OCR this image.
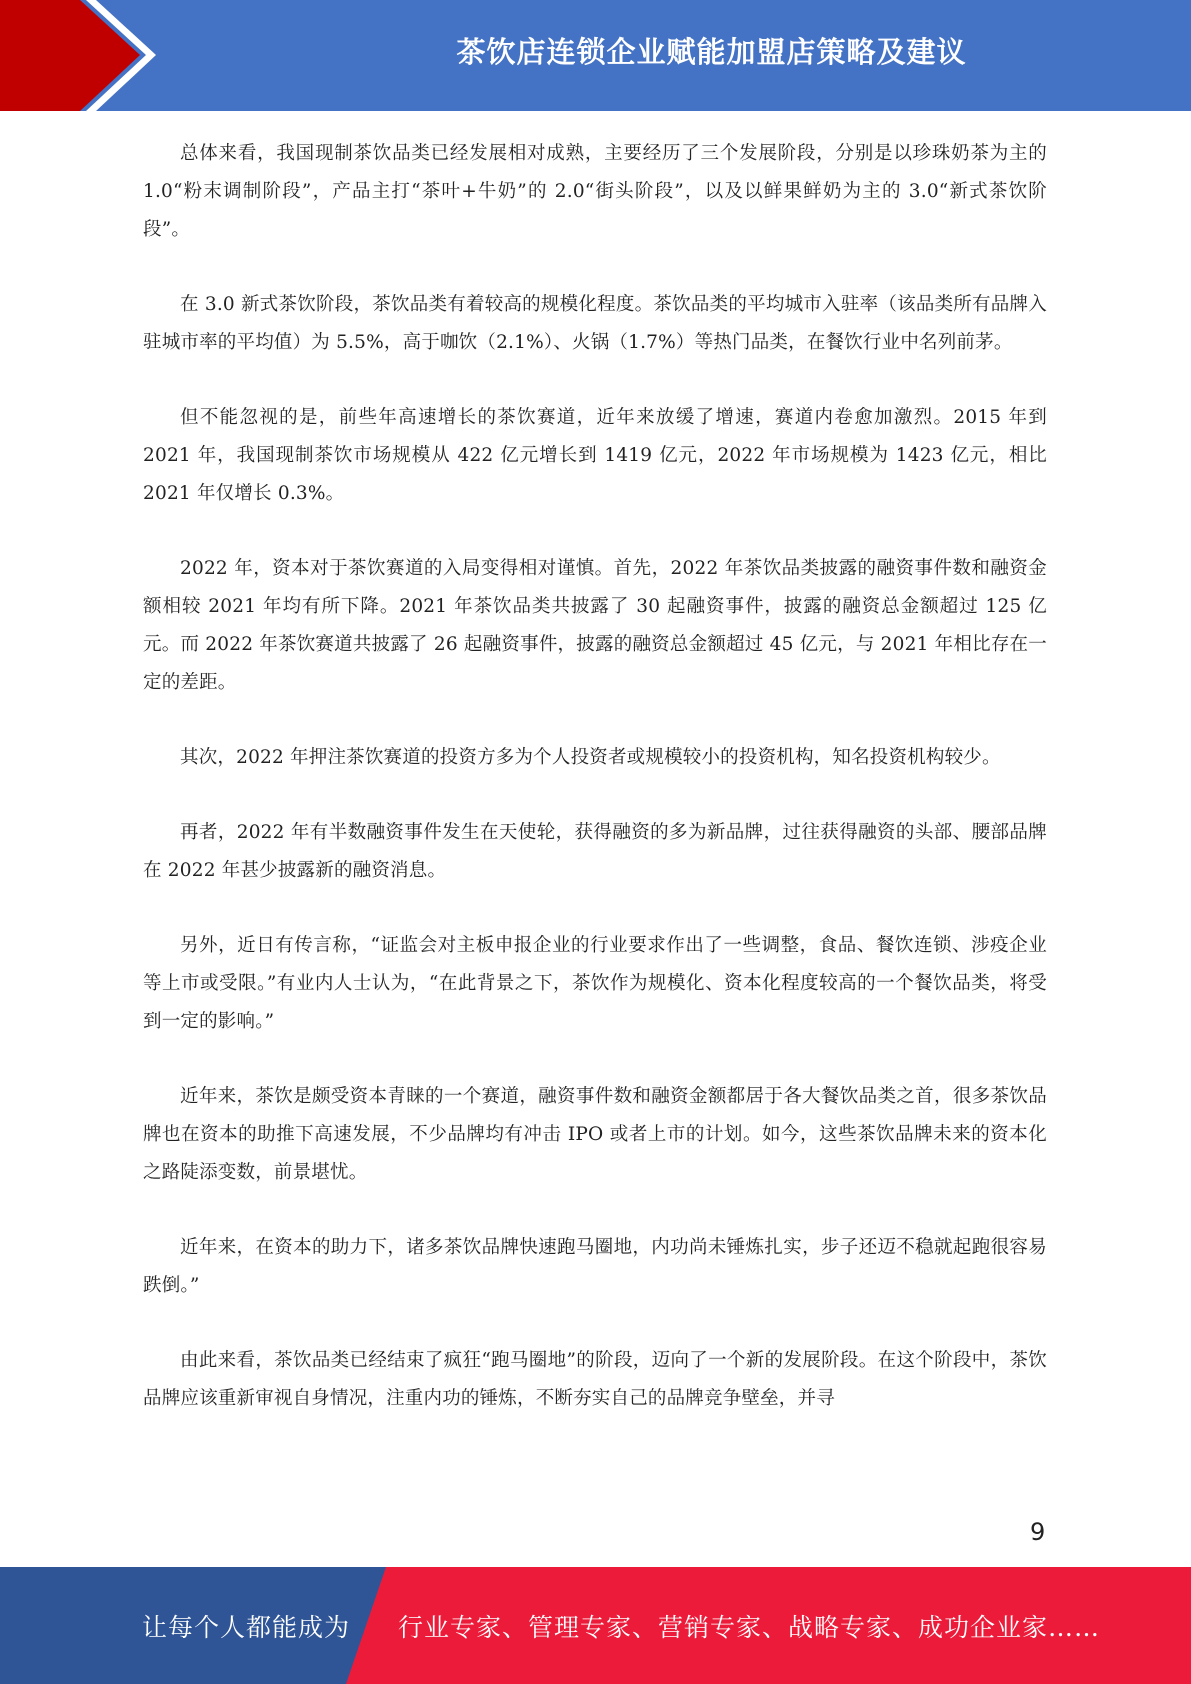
茶饮店连锁企业赋能加盟店策略及建议

总体来看，我国现制茶饮品类已经发展相对成熟，主要经历了三个发展阶段，分别是以珍珠奶茶为主的 1.0“粉末调制阶段”，产品主打“茶叶+牛奶”的 2.0“街头阶段”，以及以鲜果鲜奶为主的 3.0“新式茶饮阶段”。

在 3.0 新式茶饮阶段，茶饮品类有着较高的规模化程度。茶饮品类的平均城市入驻率（该品类所有品牌入驻城市率的平均值）为 5.5%，高于咖饮（2.1%）、火锅（1.7%）等热门品类，在餐饮行业中名列前茅。

但不能忽视的是，前些年高速增长的茶饮赛道，近年来放缓了增速，赛道内卷愈加激烈。2015 年到 2021 年，我国现制茶饮市场规模从 422 亿元增长到 1419 亿元，2022 年市场规模为 1423 亿元，相比 2021 年仅增长 0.3%。

2022 年，资本对于茶饮赛道的入局变得相对谨慎。首先，2022 年茶饮品类披露的融资事件数和融资金额相较 2021 年均有所下降。2021 年茶饮品类共披露了 30 起融资事件，披露的融资总金额超过 125 亿元。而 2022 年茶饮赛道共披露了 26 起融资事件，披露的融资总金额超过 45 亿元，与 2021 年相比存在一定的差距。

其次，2022 年押注茶饮赛道的投资方多为个人投资者或规模较小的投资机构，知名投资机构较少。

再者，2022 年有半数融资事件发生在天使轮，获得融资的多为新品牌，过往获得融资的头部、腰部品牌在 2022 年甚少披露新的融资消息。

另外，近日有传言称，“证监会对主板申报企业的行业要求作出了一些调整，食品、餐饮连锁、涉疫企业等上市或受限。”有业内人士认为，“在此背景之下，茶饮作为规模化、资本化程度较高的一个餐饮品类，将受到一定的影响。”

近年来，茶饮是颇受资本青睐的一个赛道，融资事件数和融资金额都居于各大餐饮品类之首，很多茶饮品牌也在资本的助推下高速发展，不少品牌均有冲击 IPO 或者上市的计划。如今，这些茶饮品牌未来的资本化之路陡添变数，前景堪忧。

近年来，在资本的助力下，诸多茶饮品牌快速跑马圈地，内功尚未锤炼扎实，步子还迈不稳就起跑很容易跌倒。”

由此来看，茶饮品类已经结束了疯狂“跑马圈地”的阶段，迈向了一个新的发展阶段。在这个阶段中，茶饮品牌应该重新审视自身情况，注重内功的锤炼，不断夯实自己的品牌竞争壁垒，并寻

9
让每个人都能成为 行业专家、管理专家、营销专家、战略专家、成功企业家……
